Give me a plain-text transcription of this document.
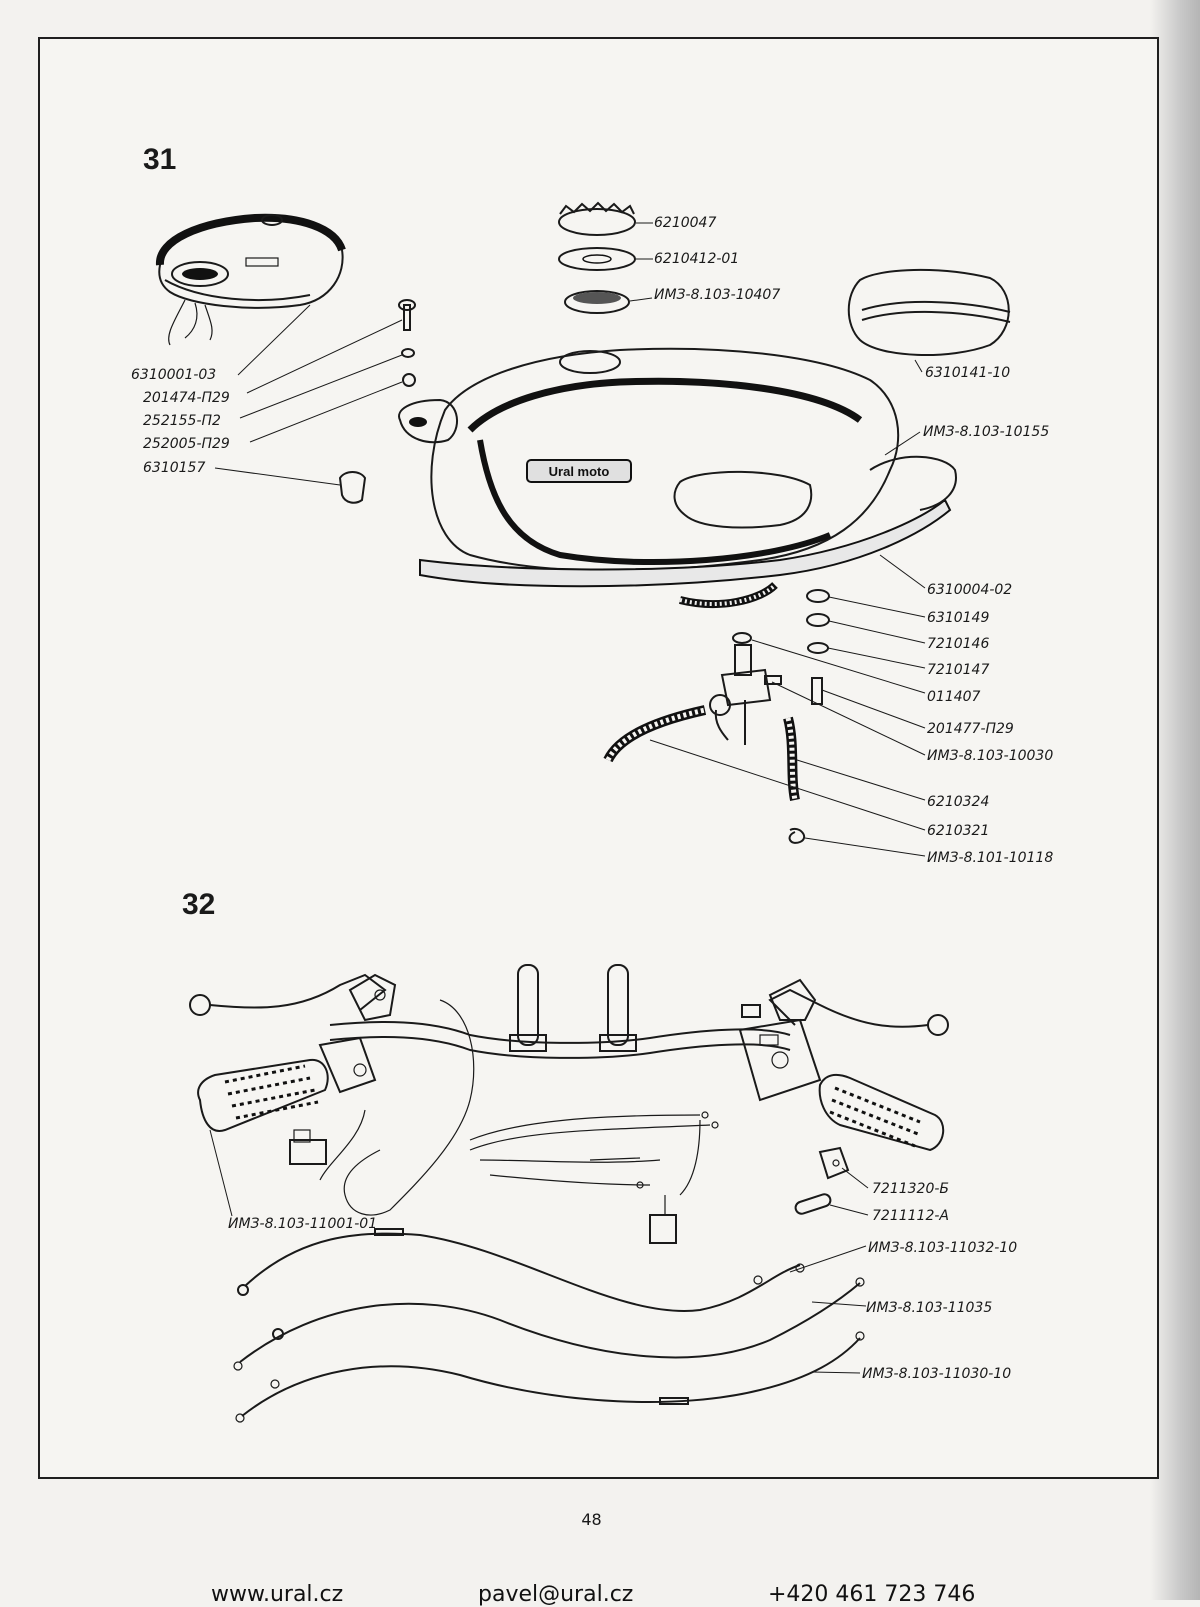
31
32
Ural moto
6210047
6210412-01
ИМЗ-8.103-10407
6310141-10
6310001-03
201474-П29
252155-П2
252005-П29
6310157
ИМЗ-8.103-10155
6310004-02
6310149
7210146
7210147
011407
201477-П29
ИМЗ-8.103-10030
6210324
6210321
ИМЗ-8.101-10118
7211320-Б
7211112-А
ИМЗ-8.103-11001-01
ИМЗ-8.103-11032-10
ИМЗ-8.103-11035
ИМЗ-8.103-11030-10
48
www.ural.cz	pavel@ural.cz	+420 461 723 746
